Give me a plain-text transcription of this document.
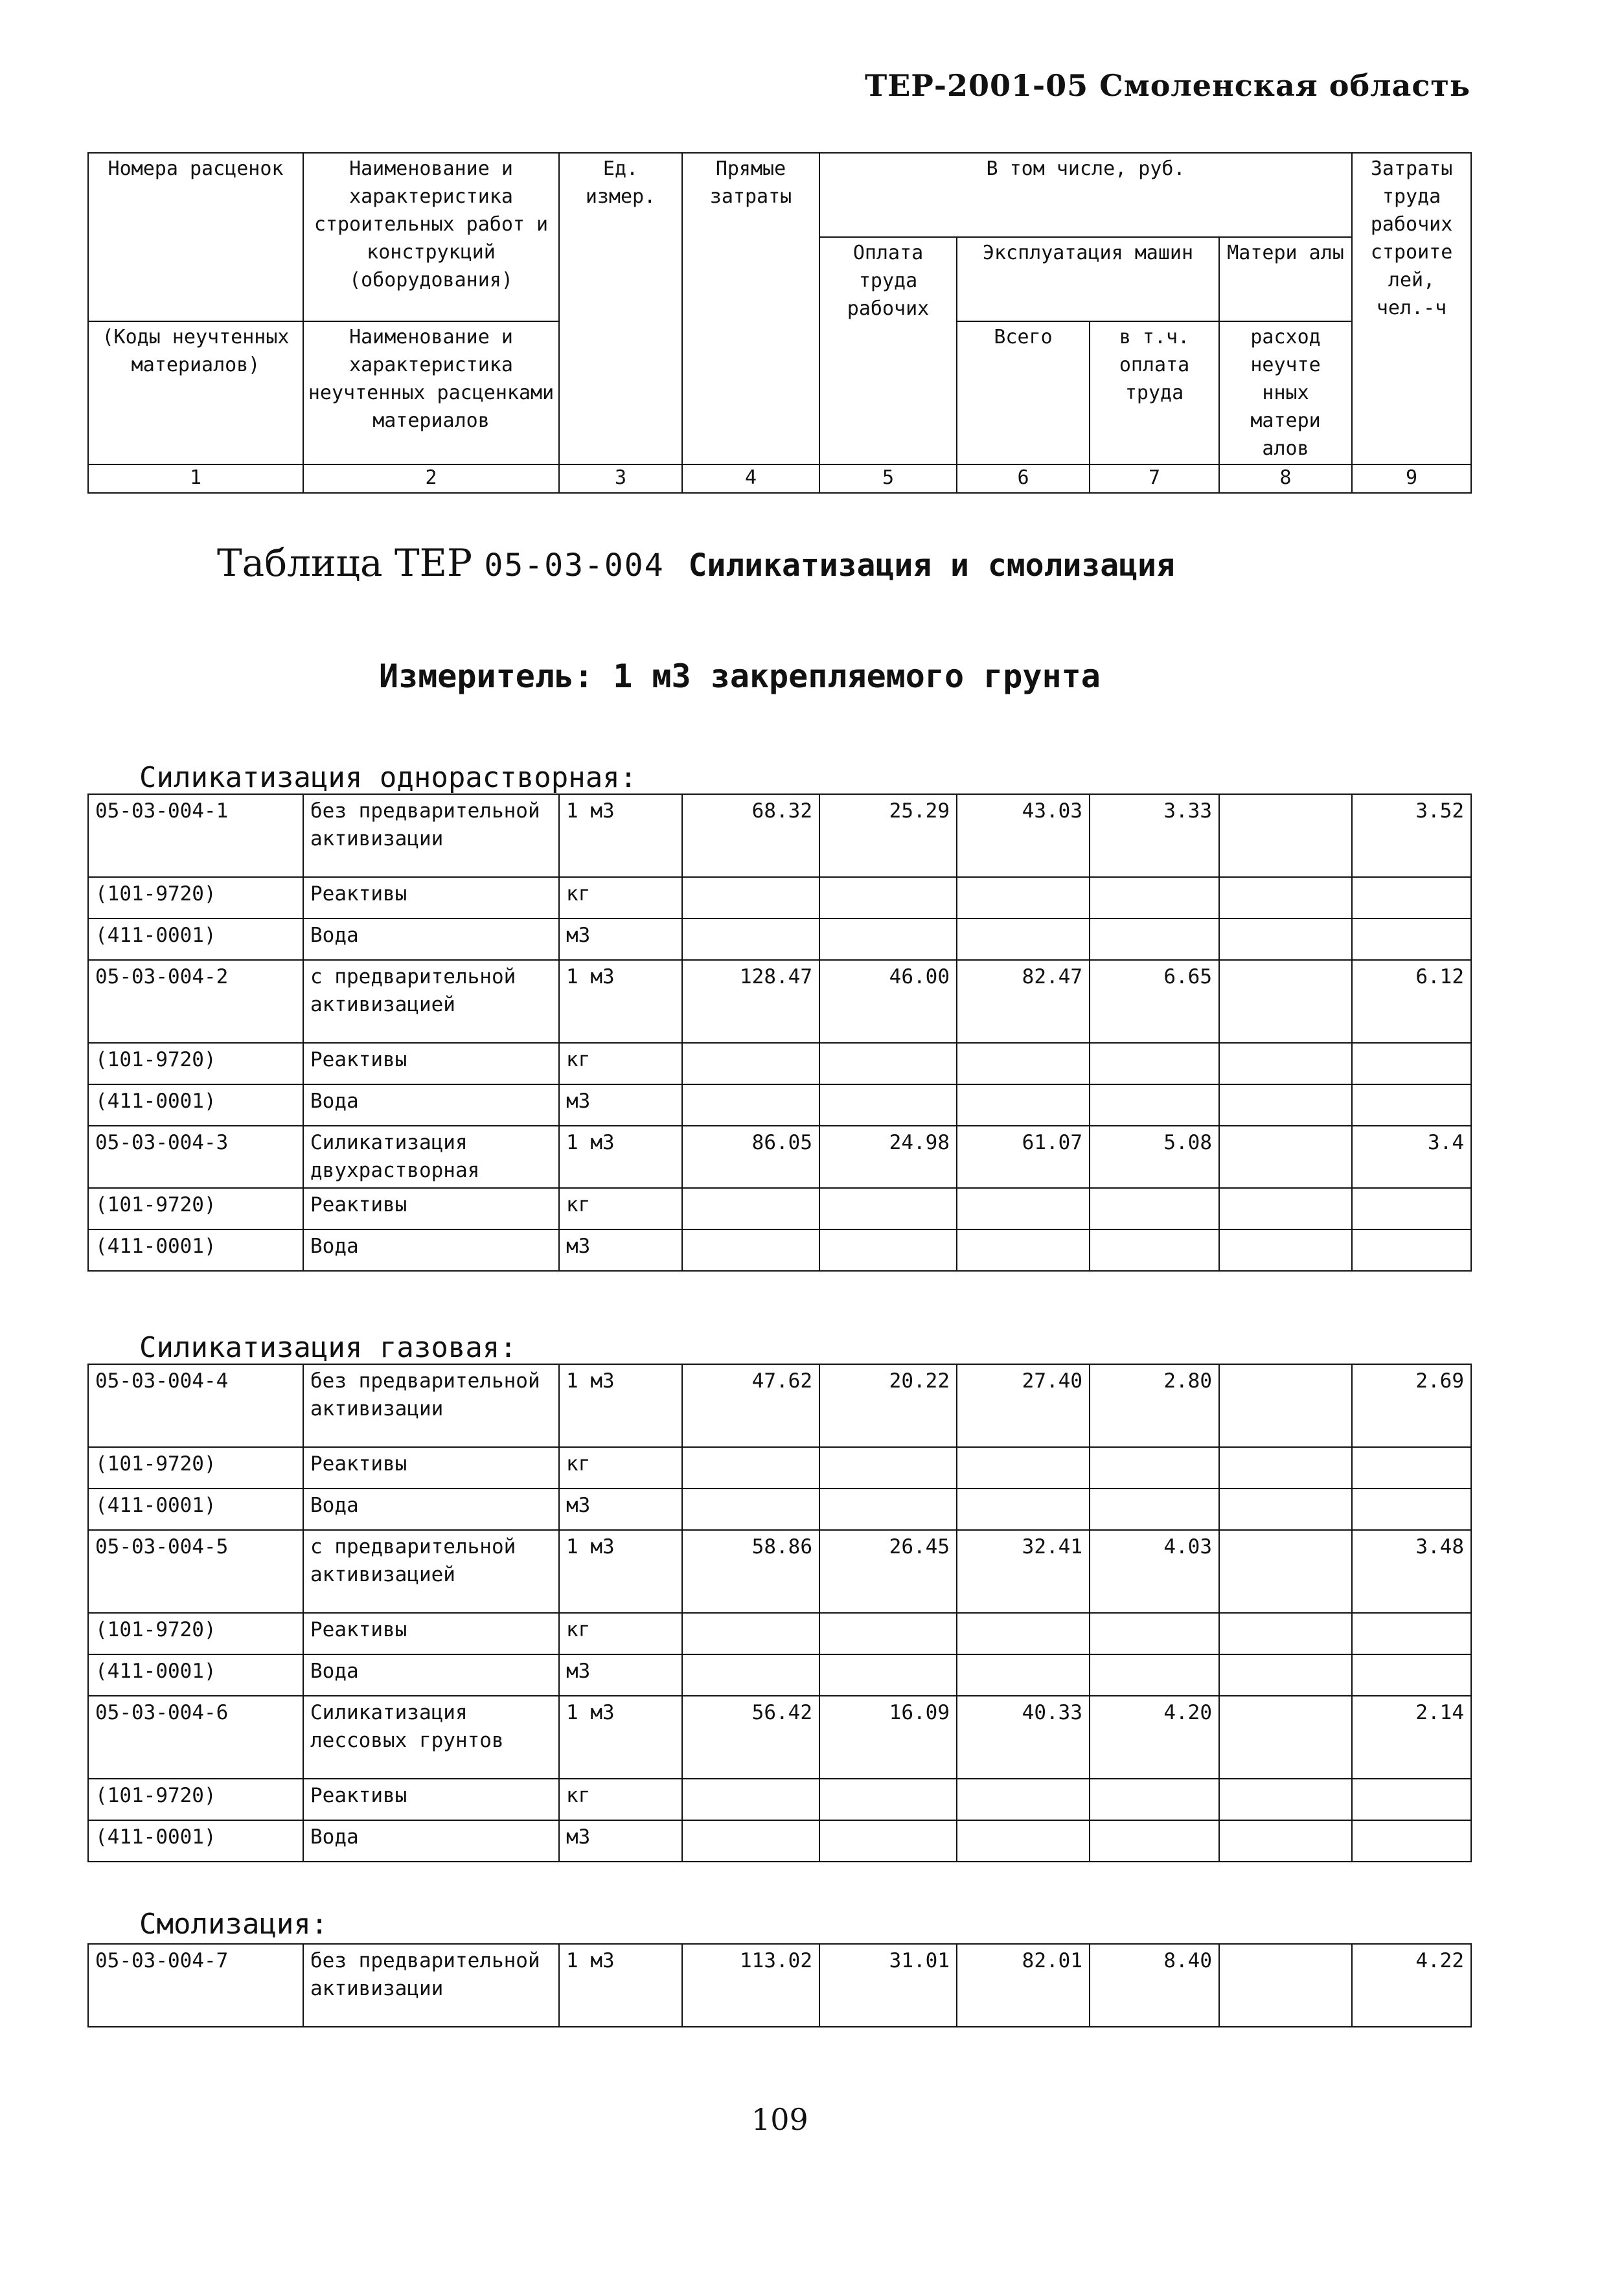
ТЕР-2001-05 Смоленская область
Номера расценок	Наименование и характеристика строительных работ и конструкций (оборудования)	Ед. измер.	Прямые затраты	В том числе, руб.				Затраты труда рабочих строите лей, чел.-ч
				Оплата труда рабочих	Эксплуатация машин		Матери алы	
(Коды неучтенных материалов)	Наименование и характеристика неучтенных расценками материалов				Всего	в т.ч. оплата труда	расход неучте нных матери алов	
1	2	3	4	5	6	7	8	9
Таблица ТЕР 05-03-004 Силикатизация и смолизация
Измеритель: 1 м3 закрепляемого грунта
Силикатизация однорастворная:
05-03-004-1	без предварительной активизации	1 м3	68.32	25.29	43.03	3.33		3.52
(101-9720)	Реактивы	кг						
(411-0001)	Вода	м3						
05-03-004-2	с предварительной активизацией	1 м3	128.47	46.00	82.47	6.65		6.12
(101-9720)	Реактивы	кг						
(411-0001)	Вода	м3						
05-03-004-3	Силикатизация двухрастворная	1 м3	86.05	24.98	61.07	5.08		3.4
(101-9720)	Реактивы	кг						
(411-0001)	Вода	м3						
Силикатизация газовая:
05-03-004-4	без предварительной активизации	1 м3	47.62	20.22	27.40	2.80		2.69
(101-9720)	Реактивы	кг						
(411-0001)	Вода	м3						
05-03-004-5	с предварительной активизацией	1 м3	58.86	26.45	32.41	4.03		3.48
(101-9720)	Реактивы	кг						
(411-0001)	Вода	м3						
05-03-004-6	Силикатизация лессовых грунтов	1 м3	56.42	16.09	40.33	4.20		2.14
(101-9720)	Реактивы	кг						
(411-0001)	Вода	м3						
Смолизация:
05-03-004-7	без предварительной активизации	1 м3	113.02	31.01	82.01	8.40		4.22
109
